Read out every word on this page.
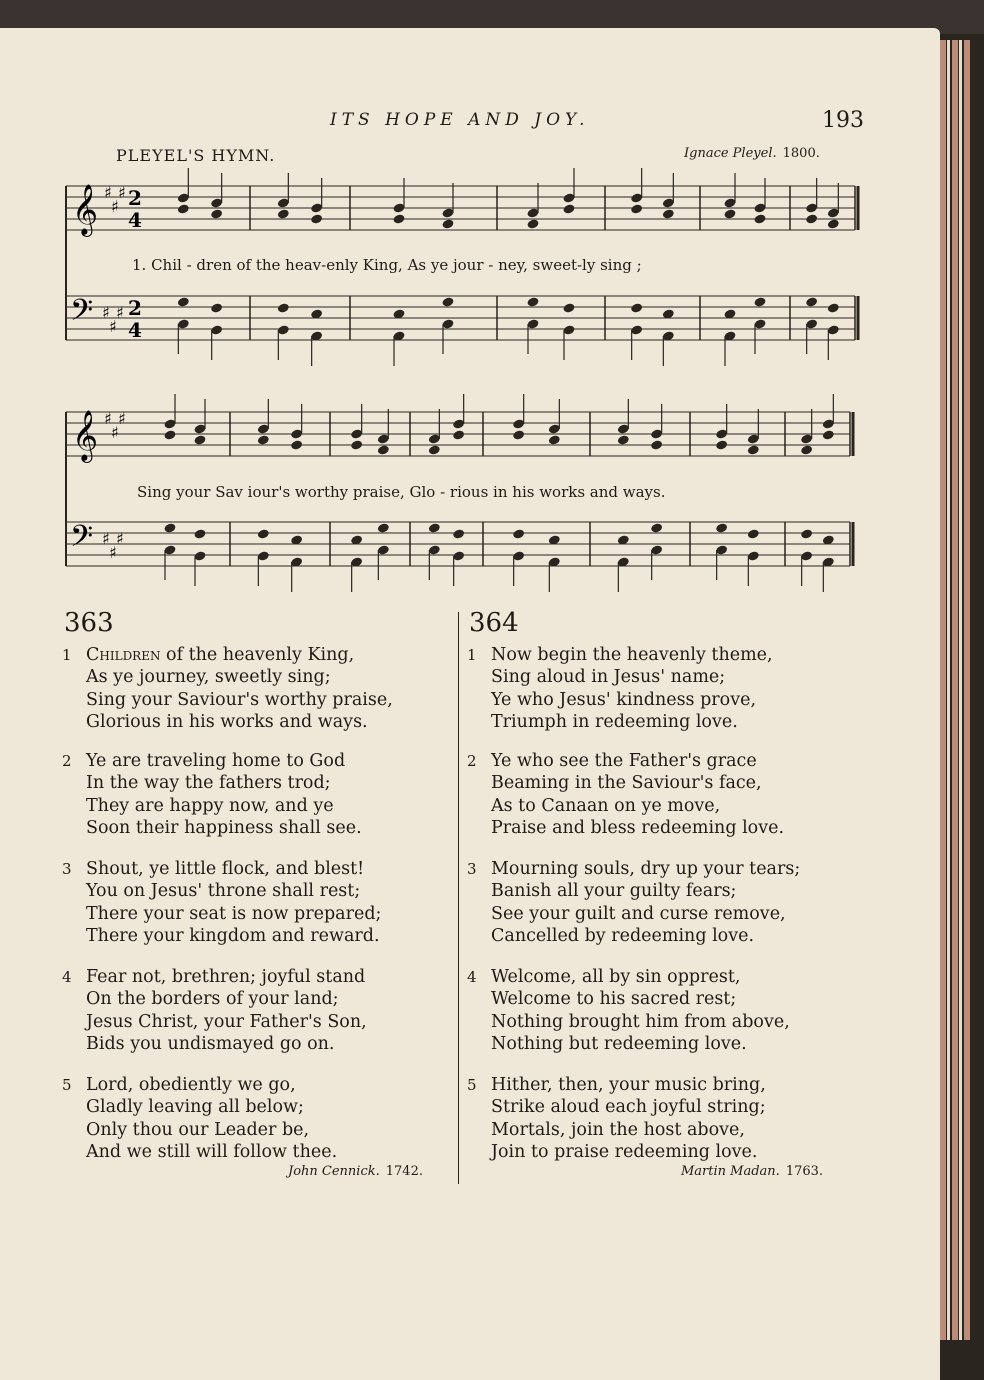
ITS HOPE AND JOY.	193
PLEYEL'S HYMN.	Ignace Pleyel. 1800.
𝄞
𝄢
♯
♯
♯
♯
♯
♯
2
4
2
4
𝄞
𝄢
♯
♯
♯
♯
♯
♯
1. Chil - dren of the heav-enly King, As ye jour - ney, sweet-ly sing ;
Sing your Sav iour's worthy praise, Glo - rious in his works and ways.
363
1 Children of the heavenly King,
As ye journey, sweetly sing;
Sing your Saviour's worthy praise,
Glorious in his works and ways.
2 Ye are traveling home to God
In the way the fathers trod;
They are happy now, and ye
Soon their happiness shall see.
3 Shout, ye little flock, and blest!
You on Jesus' throne shall rest;
There your seat is now prepared;
There your kingdom and reward.
4 Fear not, brethren; joyful stand
On the borders of your land;
Jesus Christ, your Father's Son,
Bids you undismayed go on.
5 Lord, obediently we go,
Gladly leaving all below;
Only thou our Leader be,
And we still will follow thee.
John Cennick. 1742.
364
1 Now begin the heavenly theme,
Sing aloud in Jesus' name;
Ye who Jesus' kindness prove,
Triumph in redeeming love.
2 Ye who see the Father's grace
Beaming in the Saviour's face,
As to Canaan on ye move,
Praise and bless redeeming love.
3 Mourning souls, dry up your tears;
Banish all your guilty fears;
See your guilt and curse remove,
Cancelled by redeeming love.
4 Welcome, all by sin opprest,
Welcome to his sacred rest;
Nothing brought him from above,
Nothing but redeeming love.
5 Hither, then, your music bring,
Strike aloud each joyful string;
Mortals, join the host above,
Join to praise redeeming love.
Martin Madan. 1763.
